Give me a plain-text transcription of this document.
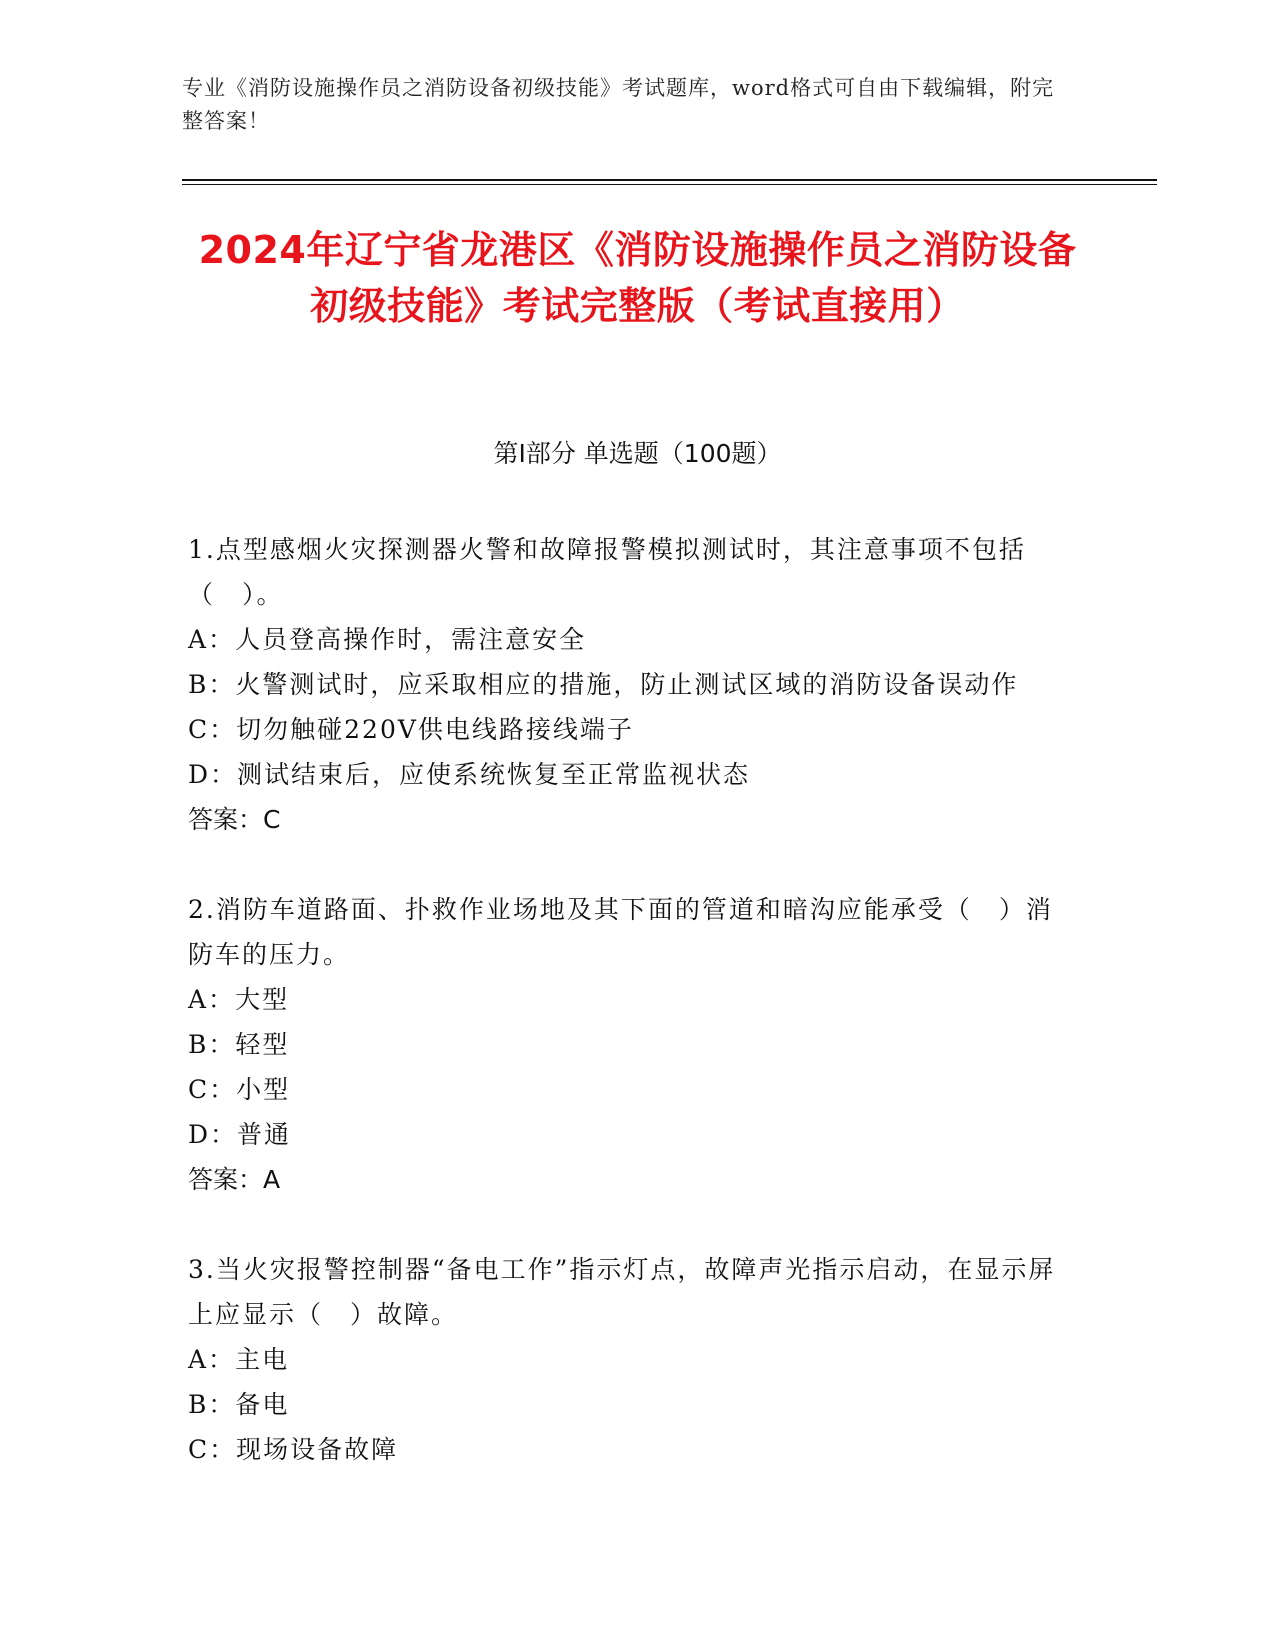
专业《消防设施操作员之消防设备初级技能》考试题库，word格式可自由下载编辑，附完整答案！
2024年辽宁省龙港区《消防设施操作员之消防设备初级技能》考试完整版（考试直接用）
第Ⅰ部分 单选题（100题）
1.点型感烟火灾探测器火警和故障报警模拟测试时，其注意事项不包括（　）。
A：人员登高操作时，需注意安全
B：火警测试时，应采取相应的措施，防止测试区域的消防设备误动作
C：切勿触碰220V供电线路接线端子
D：测试结束后，应使系统恢复至正常监视状态
答案：C
2.消防车道路面、扑救作业场地及其下面的管道和暗沟应能承受（　）消防车的压力。
A：大型
B：轻型
C：小型
D：普通
答案：A
3.当火灾报警控制器“备电工作”指示灯点，故障声光指示启动，在显示屏上应显示（　）故障。
A：主电
B：备电
C：现场设备故障
